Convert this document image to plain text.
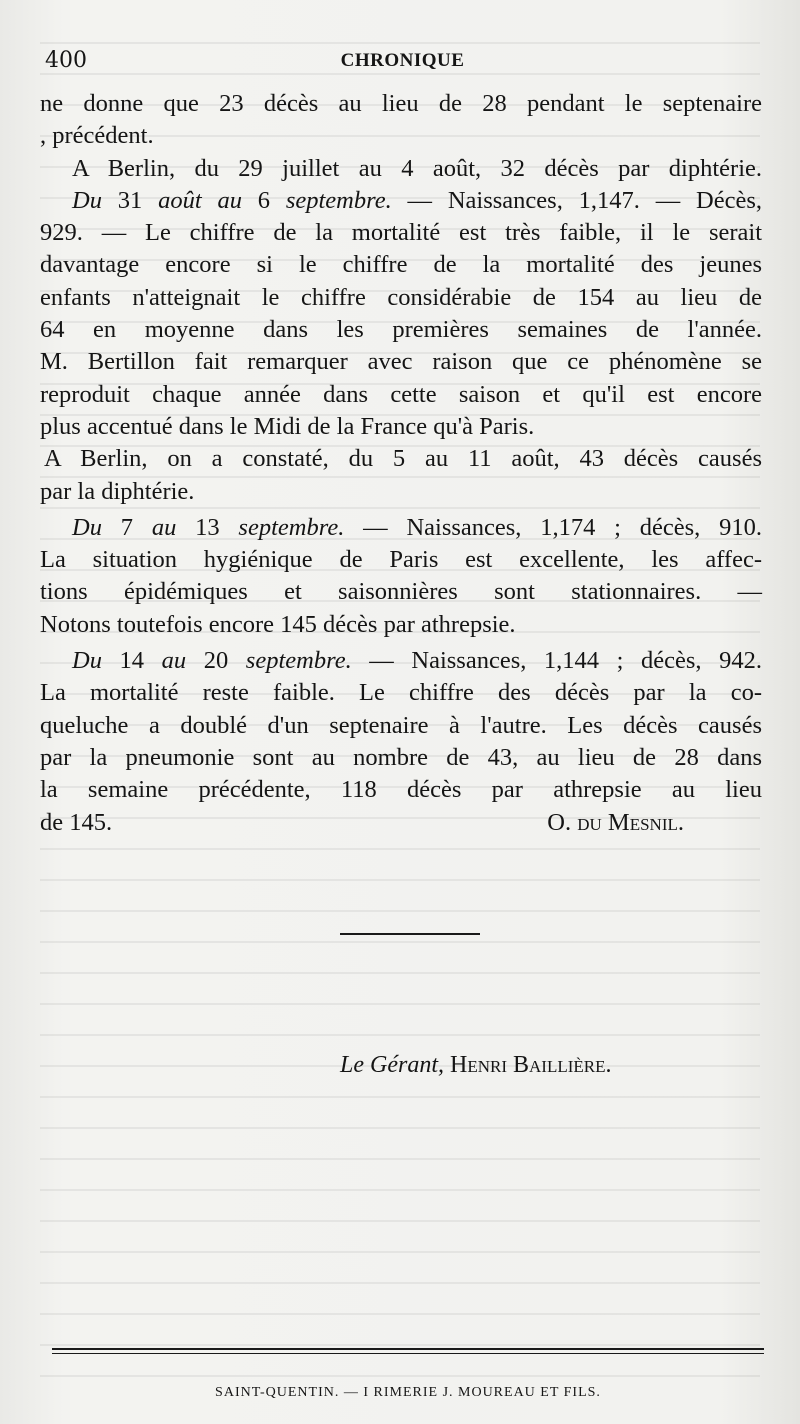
400	CHRONIQUE
ne donne que 23 décès au lieu de 28 pendant le septenaire
, précédent.
A Berlin, du 29 juillet au 4 août, 32 décès par diphtérie.
Du 31 août au 6 septembre. — Naissances, 1,147. — Décès,
929. — Le chiffre de la mortalité est très faible, il le serait
davantage encore si le chiffre de la mortalité des jeunes
enfants n'atteignait le chiffre considérabie de 154 au lieu de
64 en moyenne dans les premières semaines de l'année.
M. Bertillon fait remarquer avec raison que ce phénomène se
reproduit chaque année dans cette saison et qu'il est encore
plus accentué dans le Midi de la France qu'à Paris.
A Berlin, on a constaté, du 5 au 11 août, 43 décès causés
par la diphtérie.
Du 7 au 13 septembre. — Naissances, 1,174 ; décès, 910.
La situation hygiénique de Paris est excellente, les affec-
tions épidémiques et saisonnières sont stationnaires. —
Notons toutefois encore 145 décès par athrepsie.
Du 14 au 20 septembre. — Naissances, 1,144 ; décès, 942.
La mortalité reste faible. Le chiffre des décès par la co-
queluche a doublé d'un septenaire à l'autre. Les décès causés
par la pneumonie sont au nombre de 43, au lieu de 28 dans
la semaine précédente, 118 décès par athrepsie au lieu
de 145.	O. du Mesnil.
Le Gérant, Henri Baillière.
SAINT-QUENTIN. — I RIMERIE J. MOUREAU ET FILS.
